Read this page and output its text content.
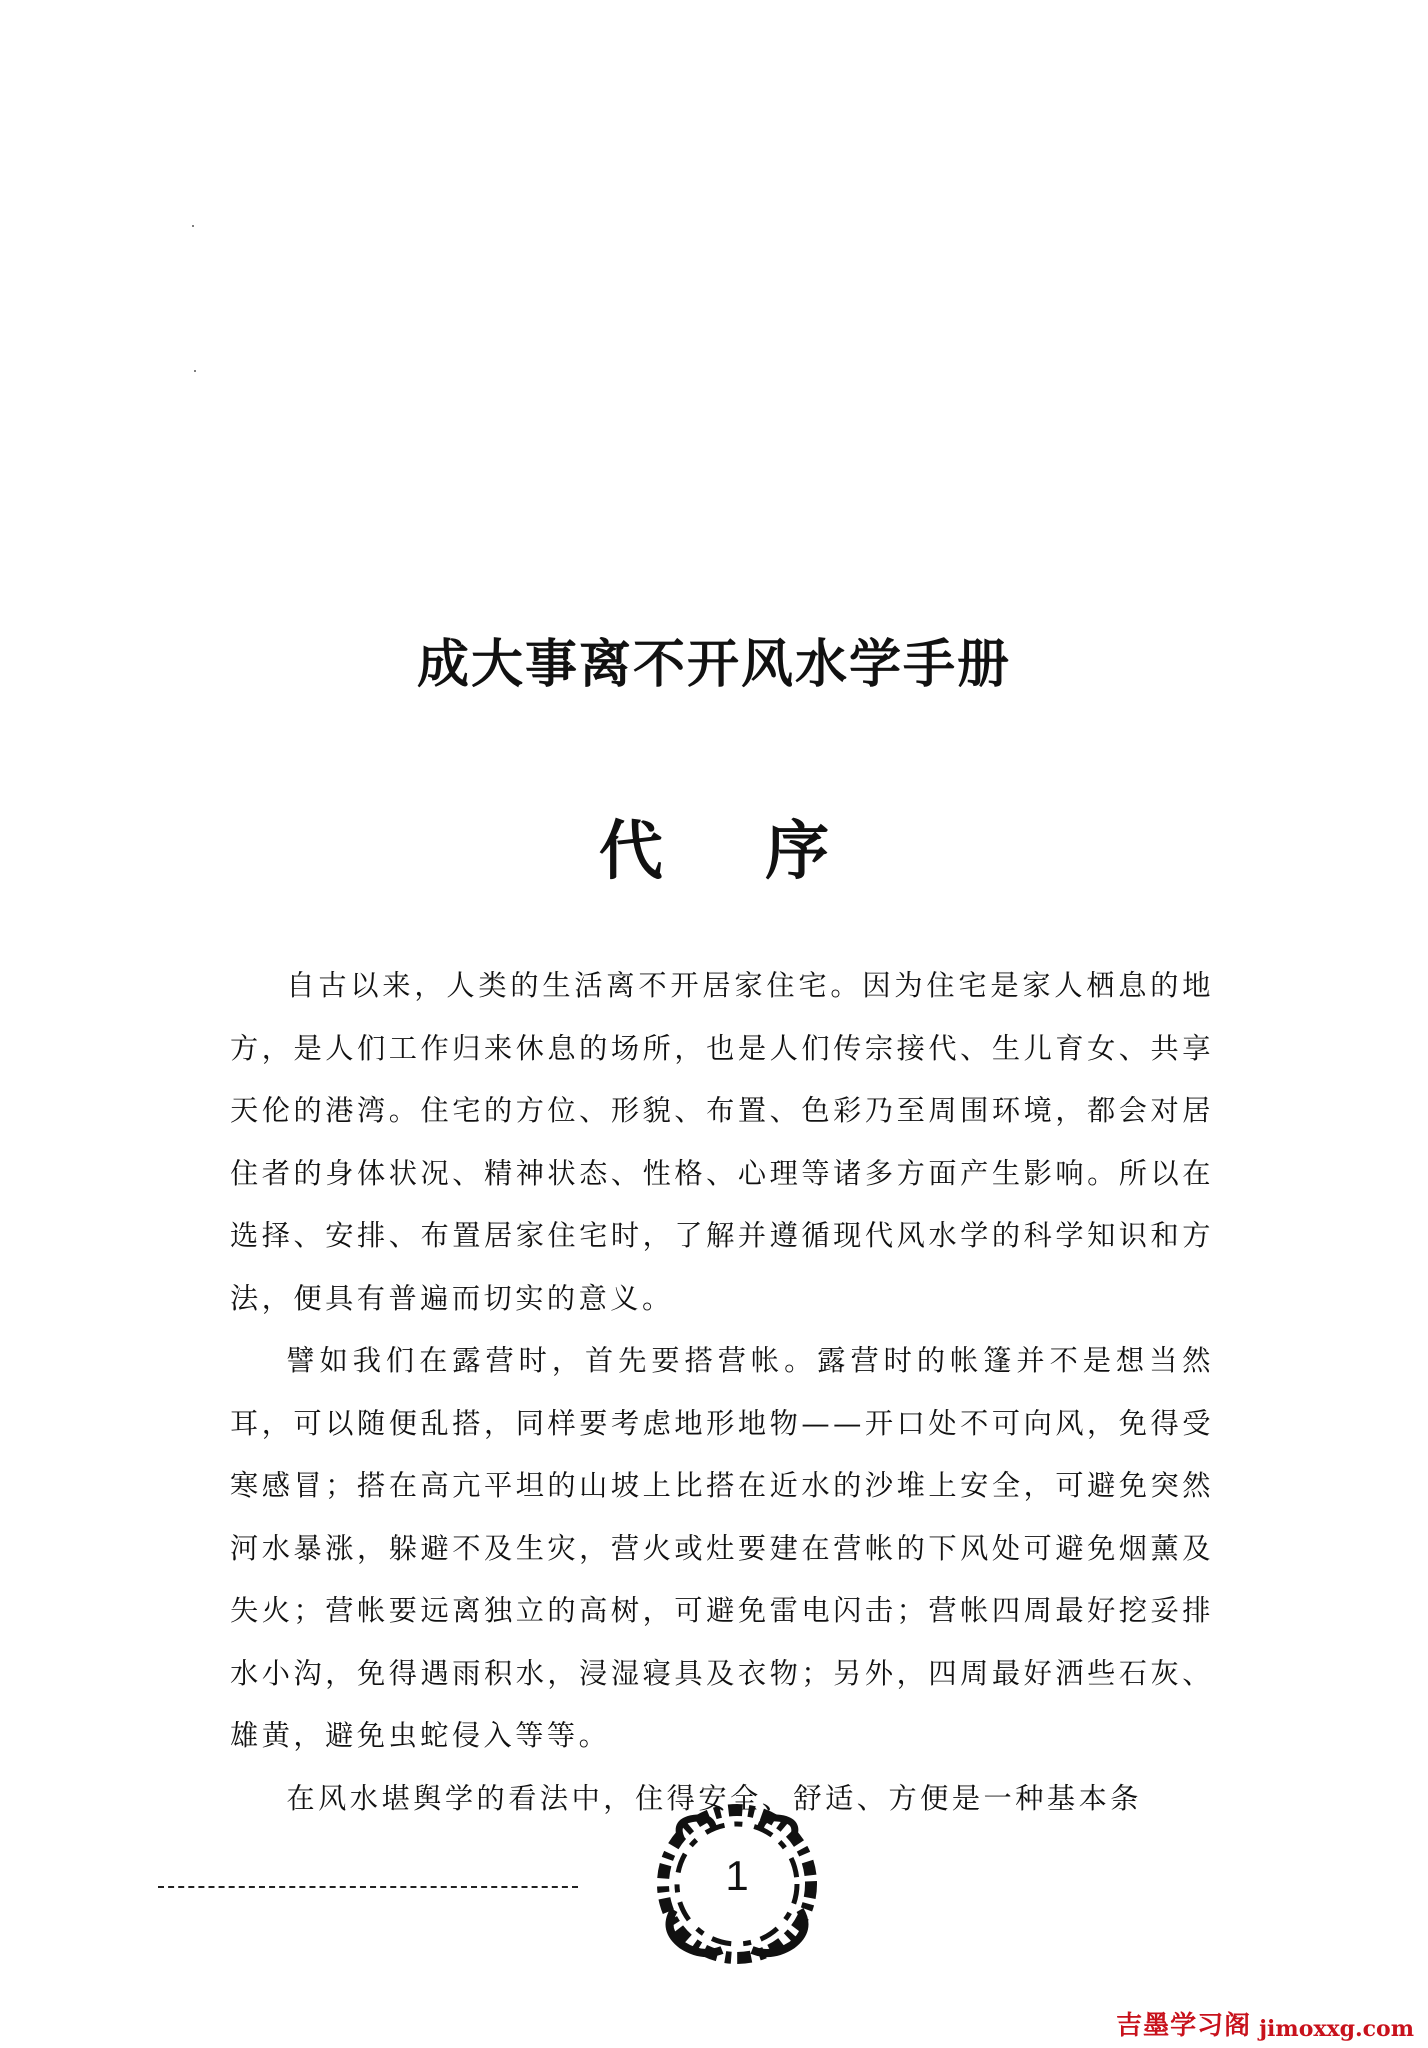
成大事离不开风水学手册
代 序

自古以来，人类的生活离不开居家住宅。因为住宅是家人栖息的地方，是人们工作归来休息的场所，也是人们传宗接代、生儿育女、共享天伦的港湾。住宅的方位、形貌、布置、色彩乃至周围环境，都会对居住者的身体状况、精神状态、性格、心理等诸多方面产生影响。所以在选择、安排、布置居家住宅时，了解并遵循现代风水学的科学知识和方法，便具有普遍而切实的意义。

譬如我们在露营时，首先要搭营帐。露营时的帐篷并不是想当然耳，可以随便乱搭，同样要考虑地形地物——开口处不可向风，免得受寒感冒；搭在高亢平坦的山坡上比搭在近水的沙堆上安全，可避免突然河水暴涨，躲避不及生灾，营火或灶要建在营帐的下风处可避免烟薰及失火；营帐要远离独立的高树，可避免雷电闪击；营帐四周最好挖妥排水小沟，免得遇雨积水，浸湿寝具及衣物；另外，四周最好洒些石灰、雄黄，避免虫蛇侵入等等。

在风水堪舆学的看法中，住得安全、舒适、方便是一种基本条

1
吉墨学习阁 jimoxxg.com
